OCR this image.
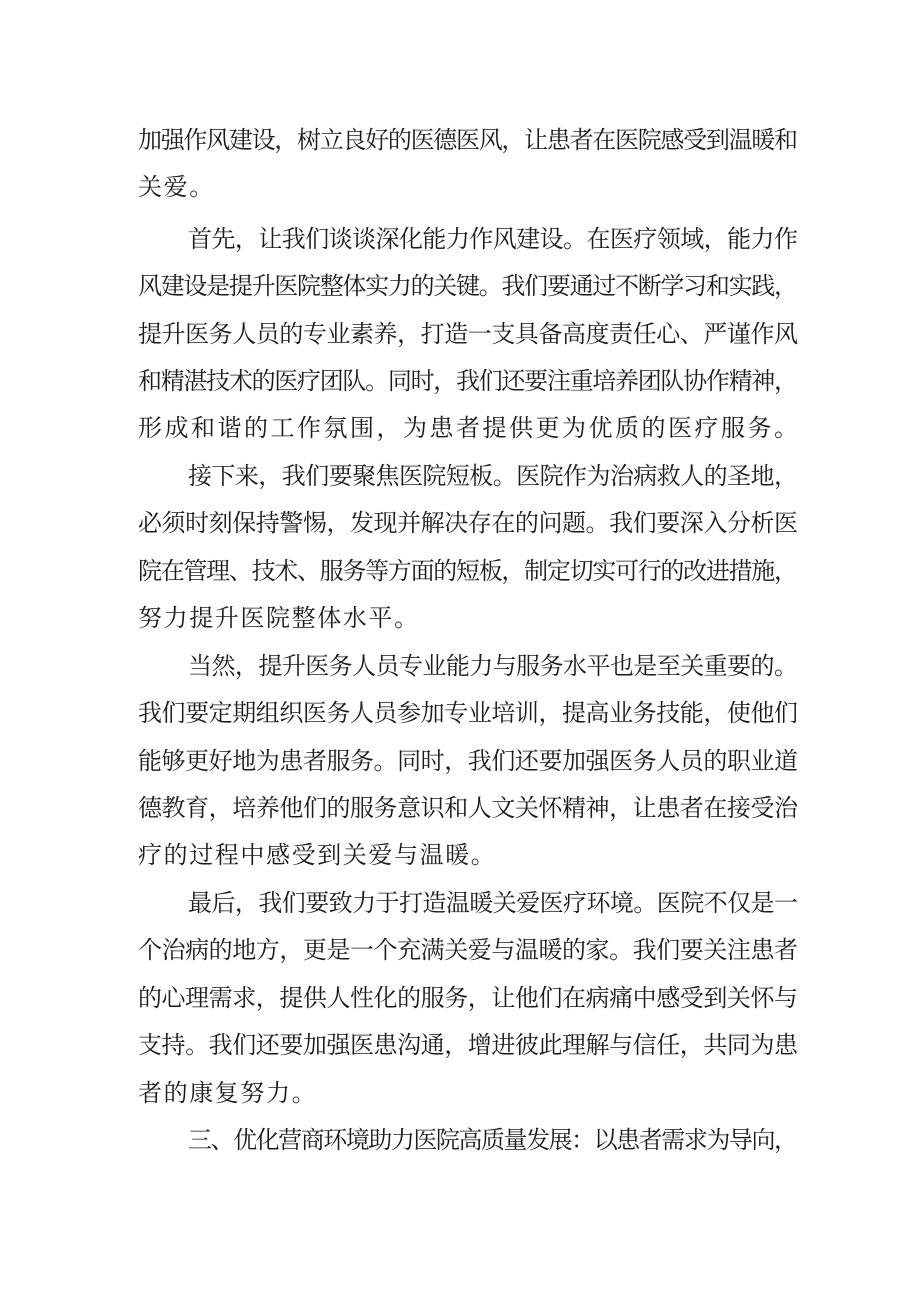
加强作风建设，树立良好的医德医风，让患者在医院感受到温暖和
关爱。
首先，让我们谈谈深化能力作风建设。在医疗领域，能力作
风建设是提升医院整体实力的关键。我们要通过不断学习和实践，
提升医务人员的专业素养，打造一支具备高度责任心、严谨作风
和精湛技术的医疗团队。同时，我们还要注重培养团队协作精神，
形成和谐的工作氛围，为患者提供更为优质的医疗服务。
接下来，我们要聚焦医院短板。医院作为治病救人的圣地，
必须时刻保持警惕，发现并解决存在的问题。我们要深入分析医
院在管理、技术、服务等方面的短板，制定切实可行的改进措施，
努力提升医院整体水平。
当然，提升医务人员专业能力与服务水平也是至关重要的。
我们要定期组织医务人员参加专业培训，提高业务技能，使他们
能够更好地为患者服务。同时，我们还要加强医务人员的职业道
德教育，培养他们的服务意识和人文关怀精神，让患者在接受治
疗的过程中感受到关爱与温暖。
最后，我们要致力于打造温暖关爱医疗环境。医院不仅是一
个治病的地方，更是一个充满关爱与温暖的家。我们要关注患者
的心理需求，提供人性化的服务，让他们在病痛中感受到关怀与
支持。我们还要加强医患沟通，增进彼此理解与信任，共同为患
者的康复努力。
三、优化营商环境助力医院高质量发展：以患者需求为导向，
